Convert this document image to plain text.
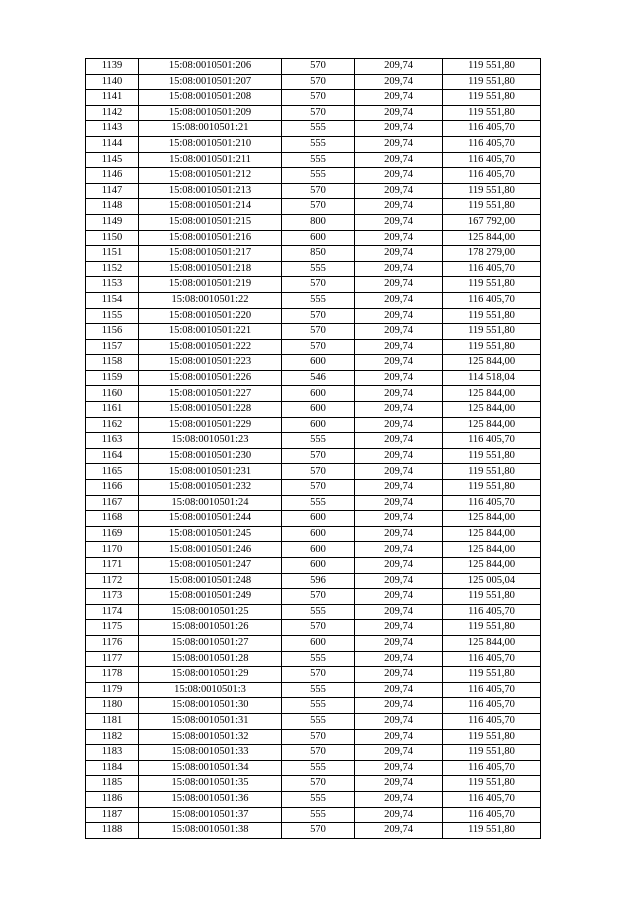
1139	15:08:0010501:206	570	209,74	119 551,80
1140	15:08:0010501:207	570	209,74	119 551,80
1141	15:08:0010501:208	570	209,74	119 551,80
1142	15:08:0010501:209	570	209,74	119 551,80
1143	15:08:0010501:21	555	209,74	116 405,70
1144	15:08:0010501:210	555	209,74	116 405,70
1145	15:08:0010501:211	555	209,74	116 405,70
1146	15:08:0010501:212	555	209,74	116 405,70
1147	15:08:0010501:213	570	209,74	119 551,80
1148	15:08:0010501:214	570	209,74	119 551,80
1149	15:08:0010501:215	800	209,74	167 792,00
1150	15:08:0010501:216	600	209,74	125 844,00
1151	15:08:0010501:217	850	209,74	178 279,00
1152	15:08:0010501:218	555	209,74	116 405,70
1153	15:08:0010501:219	570	209,74	119 551,80
1154	15:08:0010501:22	555	209,74	116 405,70
1155	15:08:0010501:220	570	209,74	119 551,80
1156	15:08:0010501:221	570	209,74	119 551,80
1157	15:08:0010501:222	570	209,74	119 551,80
1158	15:08:0010501:223	600	209,74	125 844,00
1159	15:08:0010501:226	546	209,74	114 518,04
1160	15:08:0010501:227	600	209,74	125 844,00
1161	15:08:0010501:228	600	209,74	125 844,00
1162	15:08:0010501:229	600	209,74	125 844,00
1163	15:08:0010501:23	555	209,74	116 405,70
1164	15:08:0010501:230	570	209,74	119 551,80
1165	15:08:0010501:231	570	209,74	119 551,80
1166	15:08:0010501:232	570	209,74	119 551,80
1167	15:08:0010501:24	555	209,74	116 405,70
1168	15:08:0010501:244	600	209,74	125 844,00
1169	15:08:0010501:245	600	209,74	125 844,00
1170	15:08:0010501:246	600	209,74	125 844,00
1171	15:08:0010501:247	600	209,74	125 844,00
1172	15:08:0010501:248	596	209,74	125 005,04
1173	15:08:0010501:249	570	209,74	119 551,80
1174	15:08:0010501:25	555	209,74	116 405,70
1175	15:08:0010501:26	570	209,74	119 551,80
1176	15:08:0010501:27	600	209,74	125 844,00
1177	15:08:0010501:28	555	209,74	116 405,70
1178	15:08:0010501:29	570	209,74	119 551,80
1179	15:08:0010501:3	555	209,74	116 405,70
1180	15:08:0010501:30	555	209,74	116 405,70
1181	15:08:0010501:31	555	209,74	116 405,70
1182	15:08:0010501:32	570	209,74	119 551,80
1183	15:08:0010501:33	570	209,74	119 551,80
1184	15:08:0010501:34	555	209,74	116 405,70
1185	15:08:0010501:35	570	209,74	119 551,80
1186	15:08:0010501:36	555	209,74	116 405,70
1187	15:08:0010501:37	555	209,74	116 405,70
1188	15:08:0010501:38	570	209,74	119 551,80
